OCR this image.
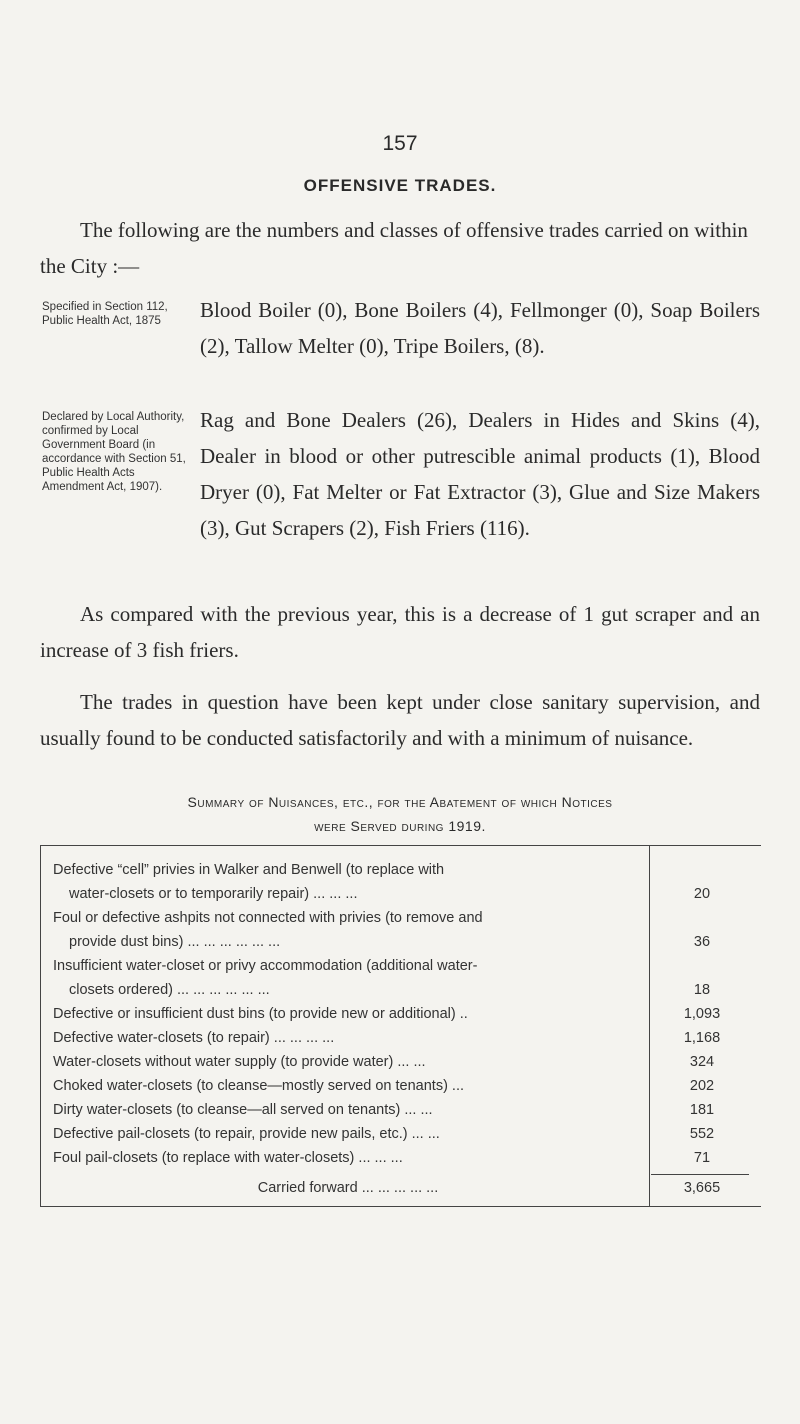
157
OFFENSIVE TRADES.
The following are the numbers and classes of offensive trades carried on within the City :—
Specified in Section 112, Public Health Act, 1875	Blood Boiler (0), Bone Boilers (4), Fellmonger (0), Soap Boilers (2), Tallow Melter (0), Tripe Boilers, (8).
Declared by Local Authority, confirmed by Local Government Board (in accordance with Section 51, Public Health Acts Amendment Act, 1907).
Rag and Bone Dealers (26), Dealers in Hides and Skins (4), Dealer in blood or other putrescible animal products (1), Blood Dryer (0), Fat Melter or Fat Extractor (3), Glue and Size Makers (3), Gut Scrapers (2), Fish Friers (116).
As compared with the previous year, this is a decrease of 1 gut scraper and an increase of 3 fish friers.
The trades in question have been kept under close sanitary supervision, and usually found to be conducted satisfactorily and with a minimum of nuisance.
Summary of Nuisances, etc., for the Abatement of which Notices
were Served during 1919.
Defective “cell” privies in Walker and Benwell (to replace with
water-closets or to temporarily repair) ... ... ...	20
Foul or defective ashpits not connected with privies (to remove and
provide dust bins) ... ... ... ... ... ...	36
Insufficient water-closet or privy accommodation (additional water-
closets ordered) ... ... ... ... ... ...	18
Defective or insufficient dust bins (to provide new or additional) ..	1,093
Defective water-closets (to repair) ... ... ... ...	1,168
Water-closets without water supply (to provide water) ... ...	324
Choked water-closets (to cleanse—mostly served on tenants) ...	202
Dirty water-closets (to cleanse—all served on tenants) ... ...	181
Defective pail-closets (to repair, provide new pails, etc.) ... ...	552
Foul pail-closets (to replace with water-closets) ... ... ...	71
Carried forward ... ... ... ... ...	3,665
